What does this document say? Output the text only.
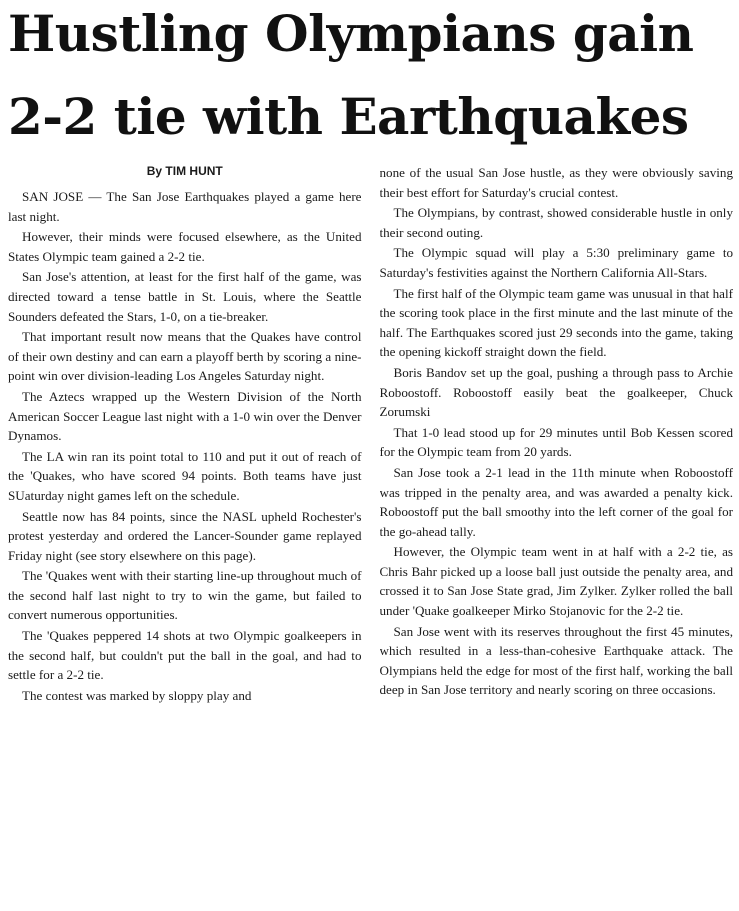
Hustling Olympians gain
2-2 tie with Earthquakes
By TIM HUNT

SAN JOSE — The San Jose Earthquakes played a game here last night.

However, their minds were focused elsewhere, as the United States Olympic team gained a 2-2 tie.

San Jose's attention, at least for the first half of the game, was directed toward a tense battle in St. Louis, where the Seattle Sounders defeated the Stars, 1-0, on a tie-breaker.

That important result now means that the Quakes have control of their own destiny and can earn a playoff berth by scoring a nine-point win over division-leading Los Angeles Saturday night.

The Aztecs wrapped up the Western Division of the North American Soccer League last night with a 1-0 win over the Denver Dynamos.

The LA win ran its point total to 110 and put it out of reach of the 'Quakes, who have scored 94 points. Both teams have just SUaturday night games left on the schedule.

Seattle now has 84 points, since the NASL upheld Rochester's protest yesterday and ordered the Lancer-Sounder game replayed Friday night (see story elsewhere on this page).

The 'Quakes went with their starting line-up throughout much of the second half last night to try to win the game, but failed to convert numerous opportunities.

The 'Quakes peppered 14 shots at two Olympic goalkeepers in the second half, but couldn't put the ball in the goal, and had to settle for a 2-2 tie.

The contest was marked by sloppy play and

none of the usual San Jose hustle, as they were obviously saving their best effort for Saturday's crucial contest.

The Olympians, by contrast, showed considerable hustle in only their second outing.

The Olympic squad will play a 5:30 preliminary game to Saturday's festivities against the Northern California All-Stars.

The first half of the Olympic team game was unusual in that half the scoring took place in the first minute and the last minute of the half. The Earthquakes scored just 29 seconds into the game, taking the opening kickoff straight down the field.

Boris Bandov set up the goal, pushing a through pass to Archie Roboostoff. Roboostoff easily beat the goalkeeper, Chuck Zorumski

That 1-0 lead stood up for 29 minutes until Bob Kessen scored for the Olympic team from 20 yards.

San Jose took a 2-1 lead in the 11th minute when Roboostoff was tripped in the penalty area, and was awarded a penalty kick. Roboostoff put the ball smoothy into the left corner of the goal for the go-ahead tally.

However, the Olympic team went in at half with a 2-2 tie, as Chris Bahr picked up a loose ball just outside the penalty area, and crossed it to San Jose State grad, Jim Zylker. Zylker rolled the ball under 'Quake goalkeeper Mirko Stojanovic for the 2-2 tie.

San Jose went with its reserves throughout the first 45 minutes, which resulted in a less-than-cohesive Earthquake attack. The Olympians held the edge for most of the first half, working the ball deep in San Jose territory and nearly scoring on three occasions.
